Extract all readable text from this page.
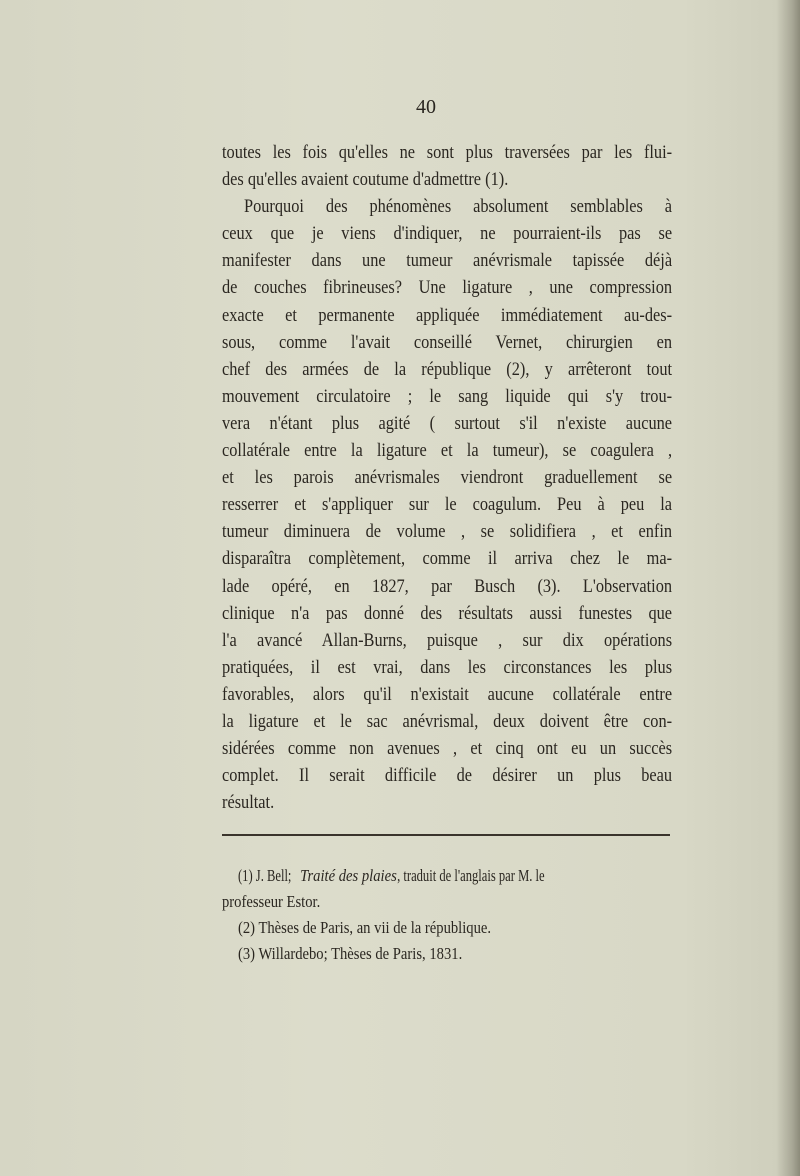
40
toutes les fois qu'elles ne sont plus traversées par les flui-
des qu'elles avaient coutume d'admettre (1).
Pourquoi des phénomènes absolument semblables à
ceux que je viens d'indiquer, ne pourraient-ils pas se
manifester dans une tumeur anévrismale tapissée déjà
de couches fibrineuses? Une ligature , une compression
exacte et permanente appliquée immédiatement au-des-
sous, comme l'avait conseillé Vernet, chirurgien en
chef des armées de la république (2), y arrêteront tout
mouvement circulatoire ; le sang liquide qui s'y trou-
vera n'étant plus agité ( surtout s'il n'existe aucune
collatérale entre la ligature et la tumeur), se coagulera ,
et les parois anévrismales viendront graduellement se
resserrer et s'appliquer sur le coagulum. Peu à peu la
tumeur diminuera de volume , se solidifiera , et enfin
disparaîtra complètement, comme il arriva chez le ma-
lade opéré, en 1827, par Busch (3). L'observation
clinique n'a pas donné des résultats aussi funestes que
l'a avancé Allan-Burns, puisque , sur dix opérations
pratiquées, il est vrai, dans les circonstances les plus
favorables, alors qu'il n'existait aucune collatérale entre
la ligature et le sac anévrismal, deux doivent être con-
sidérées comme non avenues , et cinq ont eu un succès
complet. Il serait difficile de désirer un plus beau
résultat.
(1) J. Bell;Traité des plaies, traduit de l'anglais par M. le
professeur Estor.
(2) Thèses de Paris, an vii de la république.
(3) Willardebo; Thèses de Paris, 1831.
